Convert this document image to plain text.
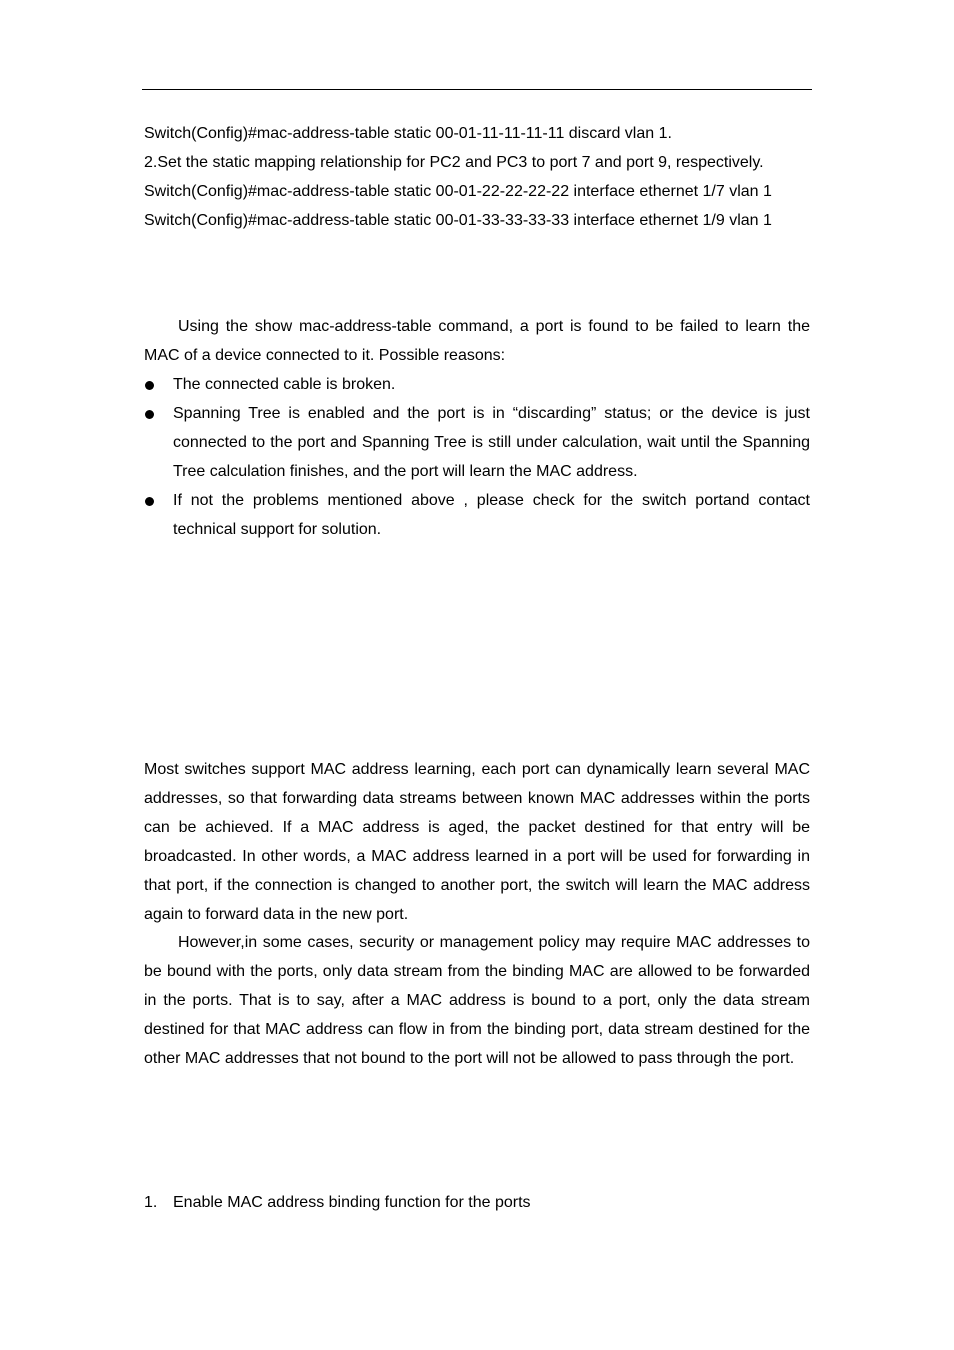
Switch(Config)#mac-address-table static 00-01-11-11-11-11 discard vlan 1.
2.Set the static mapping relationship for PC2 and PC3 to port 7 and port 9, respectively.
Switch(Config)#mac-address-table static 00-01-22-22-22-22 interface ethernet 1/7 vlan 1
Switch(Config)#mac-address-table static 00-01-33-33-33-33 interface ethernet 1/9 vlan 1

Using the show mac-address-table command, a port is found to be failed to learn the MAC of a device connected to it. Possible reasons:

The connected cable is broken.
Spanning Tree is enabled and the port is in “discarding” status; or the device is just connected to the port and Spanning Tree is still under calculation, wait until the Spanning Tree calculation finishes, and the port will learn the MAC address.
If not the problems mentioned above , please check for the switch portand contact technical support for solution.

Most switches support MAC address learning, each port can dynamically learn several MAC addresses, so that forwarding data streams between known MAC addresses within the ports can be achieved. If a MAC address is aged, the packet destined for that entry will be broadcasted. In other words, a MAC address learned in a port will be used for forwarding in that port, if the connection is changed to another port, the switch will learn the MAC address again to forward data in the new port.

However,in some cases, security or management policy may require MAC addresses to be bound with the ports, only data stream from the binding MAC are allowed to be forwarded in the ports. That is to say, after a MAC address is bound to a port, only the data stream destined for that MAC address can flow in from the binding port, data stream destined for the other MAC addresses that not bound to the port will not be allowed to pass through the port.

1. Enable MAC address binding function for the ports
